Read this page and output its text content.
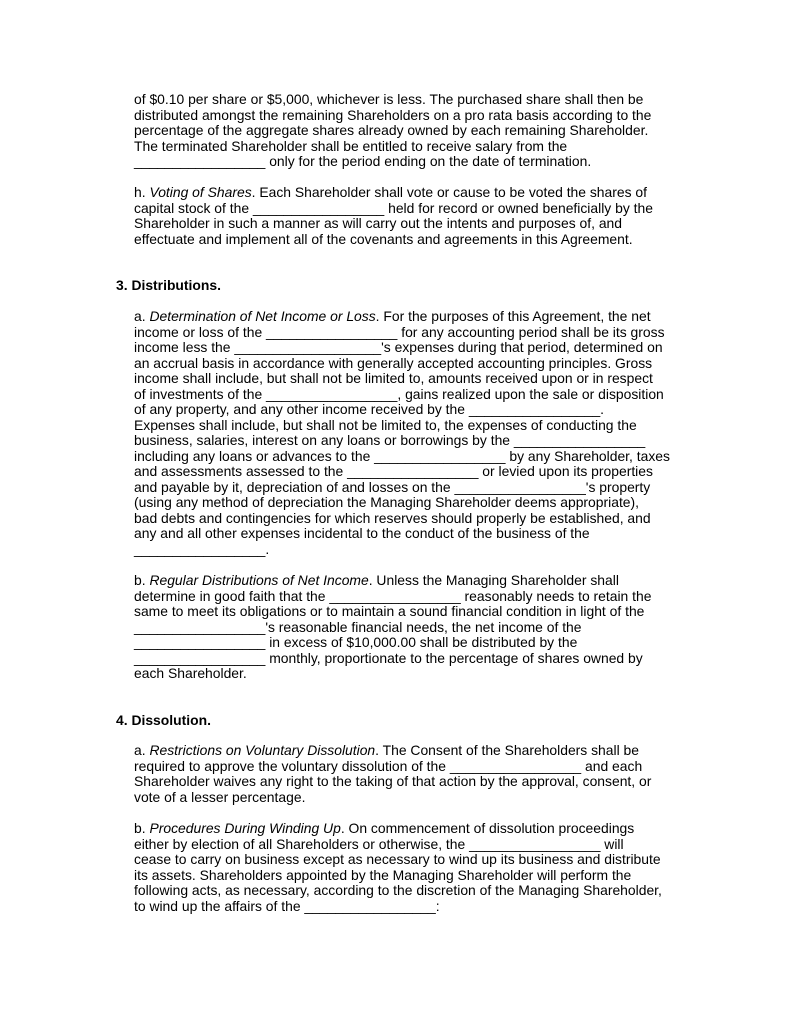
of $0.10 per share or $5,000, whichever is less. The purchased share shall then be
distributed amongst the remaining Shareholders on a pro rata basis according to the
percentage of the aggregate shares already owned by each remaining Shareholder.
The terminated Shareholder shall be entitled to receive salary from the
_________________ only for the period ending on the date of termination.
h. Voting of Shares. Each Shareholder shall vote or cause to be voted the shares of
capital stock of the _________________ held for record or owned beneficially by the
Shareholder in such a manner as will carry out the intents and purposes of, and
effectuate and implement all of the covenants and agreements in this Agreement.
3. Distributions.
a. Determination of Net Income or Loss. For the purposes of this Agreement, the net
income or loss of the _________________ for any accounting period shall be its gross
income less the ___________________'s expenses during that period, determined on
an accrual basis in accordance with generally accepted accounting principles. Gross
income shall include, but shall not be limited to, amounts received upon or in respect
of investments of the _________________, gains realized upon the sale or disposition
of any property, and any other income received by the _________________.
Expenses shall include, but shall not be limited to, the expenses of conducting the
business, salaries, interest on any loans or borrowings by the _________________
including any loans or advances to the _________________ by any Shareholder, taxes
and assessments assessed to the _________________ or levied upon its properties
and payable by it, depreciation of and losses on the _________________'s property
(using any method of depreciation the Managing Shareholder deems appropriate),
bad debts and contingencies for which reserves should properly be established, and
any and all other expenses incidental to the conduct of the business of the
_________________.
b. Regular Distributions of Net Income. Unless the Managing Shareholder shall
determine in good faith that the _________________ reasonably needs to retain the
same to meet its obligations or to maintain a sound financial condition in light of the
_________________'s reasonable financial needs, the net income of the
_________________ in excess of $10,000.00 shall be distributed by the
_________________ monthly, proportionate to the percentage of shares owned by
each Shareholder.
4. Dissolution.
a. Restrictions on Voluntary Dissolution. The Consent of the Shareholders shall be
required to approve the voluntary dissolution of the _________________ and each
Shareholder waives any right to the taking of that action by the approval, consent, or
vote of a lesser percentage.
b. Procedures During Winding Up. On commencement of dissolution proceedings
either by election of all Shareholders or otherwise, the _________________ will
cease to carry on business except as necessary to wind up its business and distribute
its assets. Shareholders appointed by the Managing Shareholder will perform the
following acts, as necessary, according to the discretion of the Managing Shareholder,
to wind up the affairs of the _________________:
